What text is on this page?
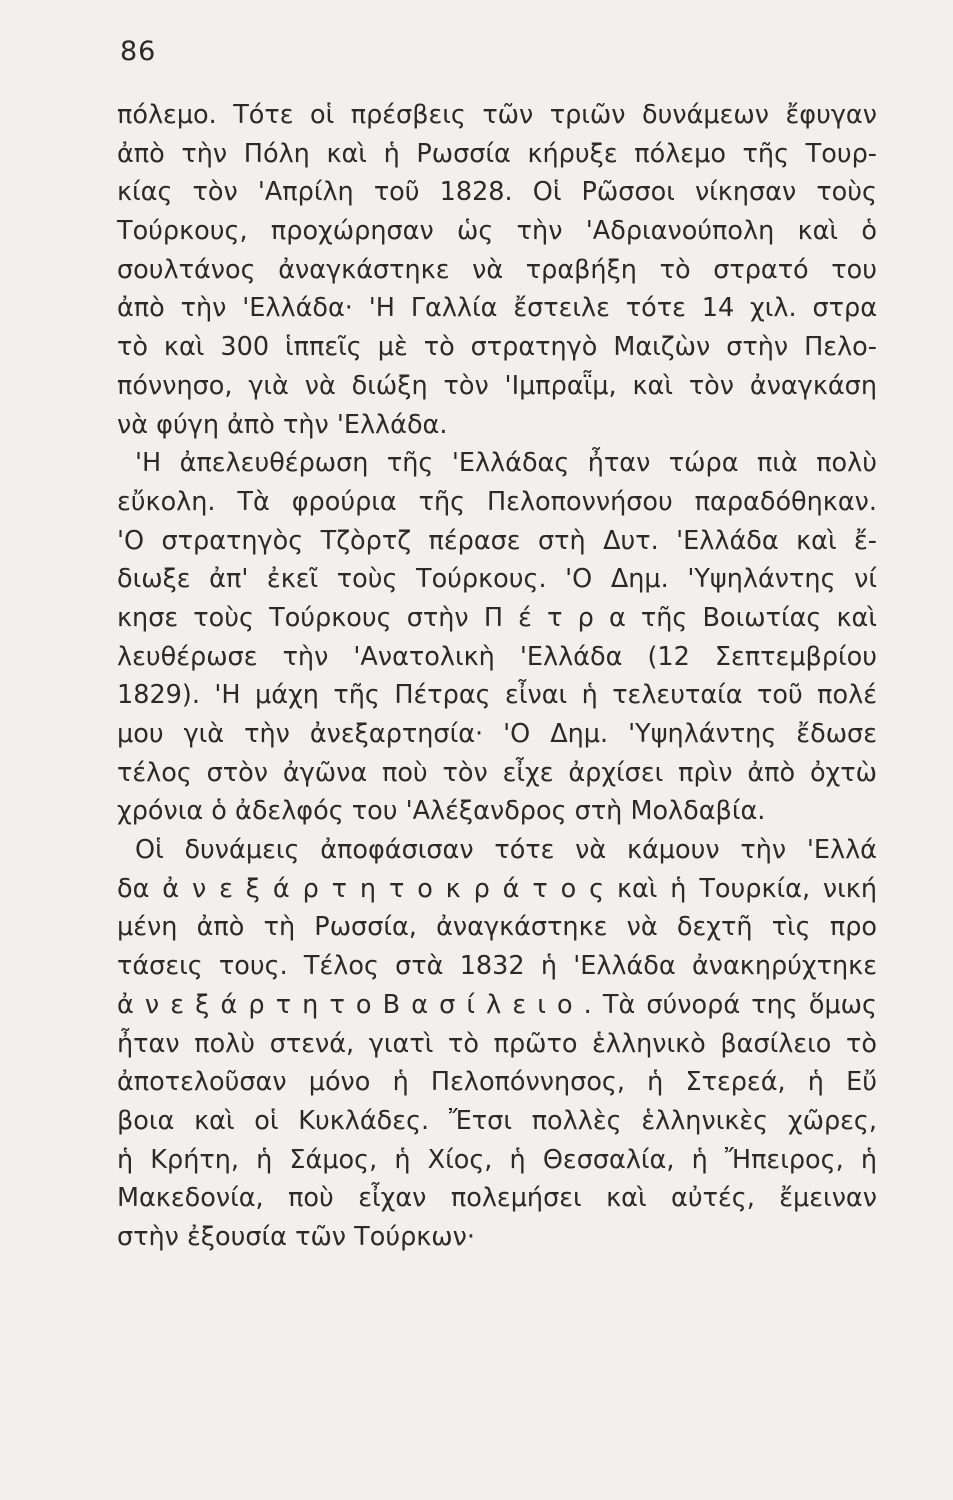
86
πόλεμο. Τότε οἱ πρέσβεις τῶν τριῶν δυνάμεων ἔφυγαν
ἀπὸ τὴν Πόλη καὶ ἡ Ρωσσία κήρυξε πόλεμο τῆς Τουρ-
κίας τὸν 'Απρίλη τοῦ 1828. Οἱ Ρῶσσοι νίκησαν τοὺς
Τούρκους, προχώρησαν ὡς τὴν 'Αδριανούπολη καὶ ὁ
σουλτάνος ἀναγκάστηκε νὰ τραβήξη τὸ στρατό του
ἀπὸ τὴν 'Ελλάδα· 'Η Γαλλία ἔστειλε τότε 14 χιλ. στρα
τὸ καὶ 300 ἱππεῖς μὲ τὸ στρατηγὸ Μαιζὼν στὴν Πελο-
πόννησο, γιὰ νὰ διώξη τὸν 'Ιμπραῗμ, καὶ τὸν ἀναγκάση
νὰ φύγη ἀπὸ τὴν 'Ελλάδα.
'Η ἀπελευθέρωση τῆς 'Ελλάδας ἦταν τώρα πιὰ πολὺ
εὔκολη. Τὰ φρούρια τῆς Πελοποννήσου παραδόθηκαν.
'Ο στρατηγὸς Τζὸρτζ πέρασε στὴ Δυτ. 'Ελλάδα καὶ ἔ-
διωξε ἀπ' ἐκεῖ τοὺς Τούρκους. 'Ο Δημ. 'Υψηλάντης νί
κησε τοὺς Τούρκους στὴν Π έ τ ρ α τῆς Βοιωτίας καὶ
λευθέρωσε τὴν 'Ανατολικὴ 'Ελλάδα (12 Σεπτεμβρίου
1829). 'Η μάχη τῆς Πέτρας εἶναι ἡ τελευταία τοῦ πολέ
μου γιὰ τὴν ἀνεξαρτησία· 'Ο Δημ. 'Υψηλάντης ἔδωσε
τέλος στὸν ἀγῶνα ποὺ τὸν εἶχε ἀρχίσει πρὶν ἀπὸ ὀχτὼ
χρόνια ὁ ἀδελφός του 'Αλέξανδρος στὴ Μολδαβία.
Οἱ δυνάμεις ἀποφάσισαν τότε νὰ κάμουν τὴν 'Ελλά
δα ἀ ν ε ξ ά ρ τ η τ ο κ ρ ά τ ο ς καὶ ἡ Τουρκία, νική
μένη ἀπὸ τὴ Ρωσσία, ἀναγκάστηκε νὰ δεχτῆ τὶς προ
τάσεις τους. Τέλος στὰ 1832 ἡ 'Ελλάδα ἀνακηρύχτηκε
ἀ ν ε ξ ά ρ τ η τ ο Β α σ ί λ ε ι ο . Τὰ σύνορά της ὅμως
ἦταν πολὺ στενά, γιατὶ τὸ πρῶτο ἑλληνικὸ βασίλειο τὸ
ἀποτελοῦσαν μόνο ἡ Πελοπόννησος, ἡ Στερεά, ἡ Εὔ
βοια καὶ οἱ Κυκλάδες. Ἔτσι πολλὲς ἑλληνικὲς χῶρες,
ἡ Κρήτη, ἡ Σάμος, ἡ Χίος, ἡ Θεσσαλία, ἡ Ἤπειρος, ἡ
Μακεδονία, ποὺ εἶχαν πολεμήσει καὶ αὐτές, ἔμειναν
στὴν ἐξουσία τῶν Τούρκων·
